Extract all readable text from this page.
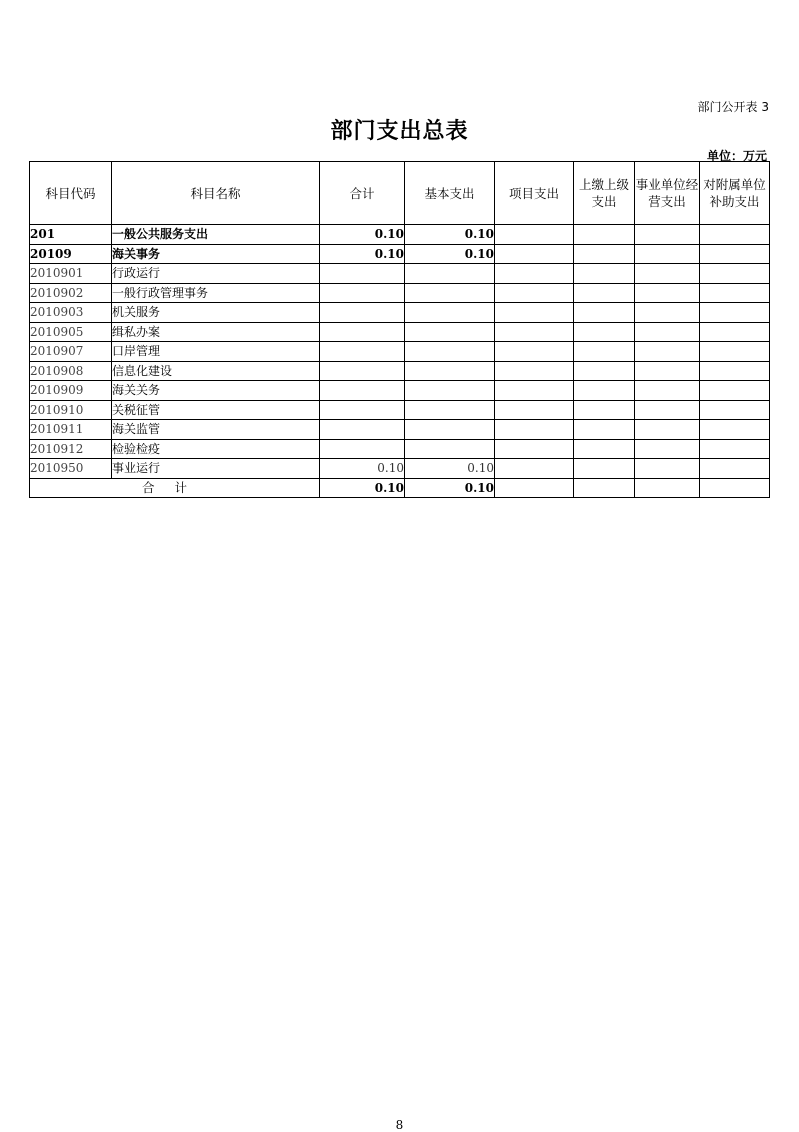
部门公开表 3
部门支出总表
单位：万元
科目代码	科目名称	合计	基本支出	项目支出	上缴上级支出	事业单位经营支出	对附属单位补助支出
201	一般公共服务支出	0.10	0.10				
20109	海关事务	0.10	0.10				
2010901	行政运行						
2010902	一般行政管理事务						
2010903	机关服务						
2010905	缉私办案						
2010907	口岸管理						
2010908	信息化建设						
2010909	海关关务						
2010910	关税征管						
2010911	海关监管						
2010912	检验检疫						
2010950	事业运行	0.10	0.10				
合计		0.10	0.10				
8
